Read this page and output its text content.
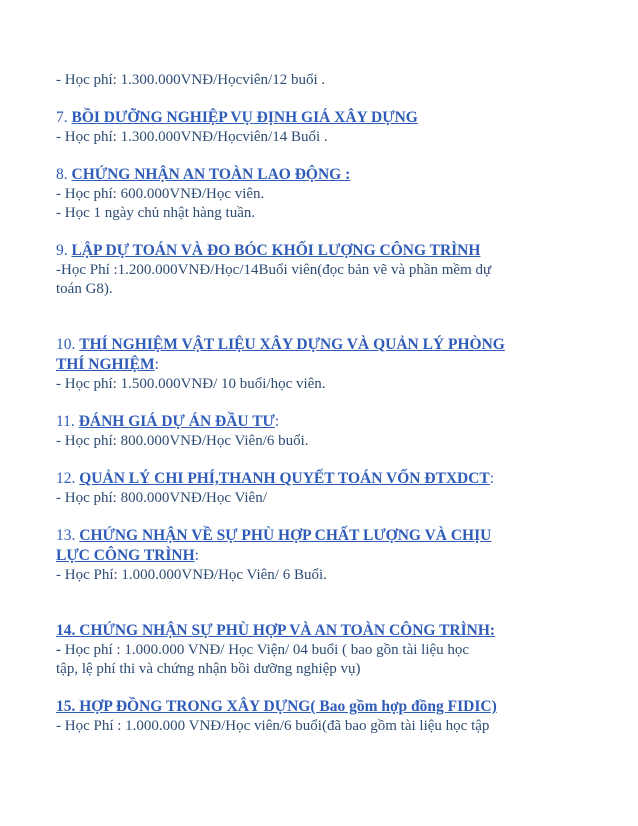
- Học phí: 1.300.000VNĐ/Họcviên/12 buổi .
7. BỒI DƯỠNG NGHIỆP VỤ ĐỊNH GIÁ XÂY DỰNG
- Học phí: 1.300.000VNĐ/Họcviên/14 Buổi .
8. CHỨNG NHẬN AN TOÀN LAO ĐỘNG :
- Học phí: 600.000VNĐ/Học viên.
- Học 1 ngày chủ nhật hàng tuần.
9. LẬP DỰ TOÁN VÀ ĐO BÓC KHỐI LƯỢNG CÔNG TRÌNH
-Học Phí :1.200.000VNĐ/Học/14Buổi viên(đọc bản vẽ và phần mềm dự
toán G8).
10. THÍ NGHIỆM VẬT LIỆU XÂY DỰNG VÀ QUẢN LÝ PHÒNG
THÍ NGHIỆM:
- Học phí: 1.500.000VNĐ/ 10 buổi/học viên.
11. ĐÁNH GIÁ DỰ ÁN ĐẦU TƯ:
- Học phí: 800.000VNĐ/Học Viên/6 buổi.
12. QUẢN LÝ CHI PHÍ,THANH QUYẾT TOÁN VỐN ĐTXDCT:
- Học phí: 800.000VNĐ/Học Viên/
13. CHỨNG NHẬN VỀ SỰ PHÙ HỢP CHẤT LƯỢNG VÀ CHỊU
LỰC CÔNG TRÌNH:
- Học Phí: 1.000.000VNĐ/Học Viên/ 6 Buổi.
14. CHỨNG NHẬN SỰ PHÙ HỢP VÀ AN TOÀN CÔNG TRÌNH:
- Học phí : 1.000.000 VNĐ/ Học Viện/ 04 buổi ( bao gồn tài liệu học
tập, lệ phí thi và chứng nhận bồi dưỡng nghiệp vụ)
15. HỢP ĐỒNG TRONG XÂY DỰNG( Bao gồm hợp đồng FIDIC)
- Học Phí : 1.000.000 VNĐ/Học viên/6 buổi(đã bao gồm tài liệu học tập
